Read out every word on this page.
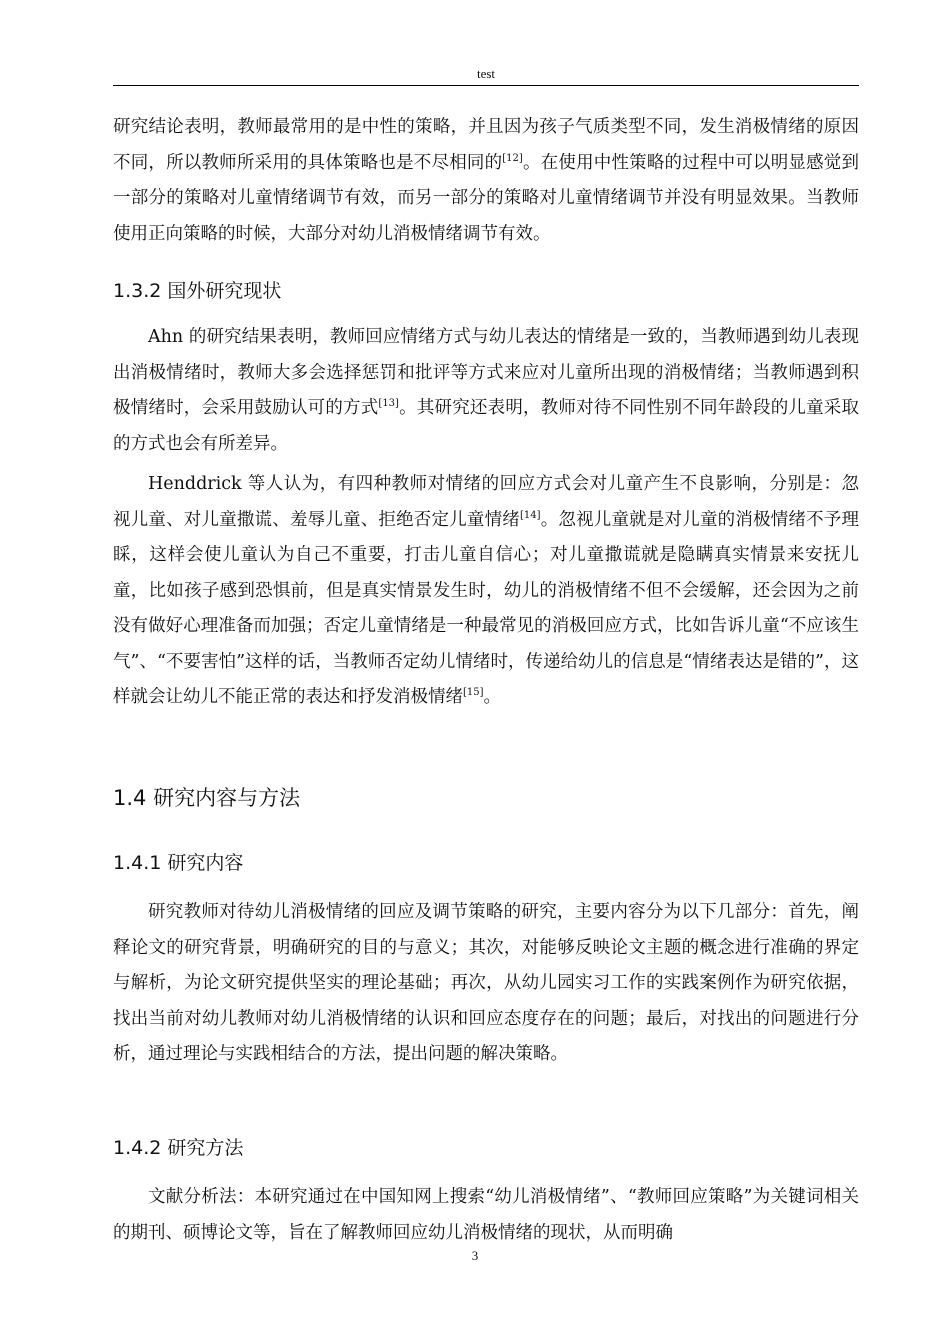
test

研究结论表明，教师最常用的是中性的策略，并且因为孩子气质类型不同，发生消极情绪的原因不同，所以教师所采用的具体策略也是不尽相同的[12]。在使用中性策略的过程中可以明显感觉到一部分的策略对儿童情绪调节有效，而另一部分的策略对儿童情绪调节并没有明显效果。当教师使用正向策略的时候，大部分对幼儿消极情绪调节有效。

1.3.2 国外研究现状

Ahn 的研究结果表明，教师回应情绪方式与幼儿表达的情绪是一致的，当教师遇到幼儿表现出消极情绪时，教师大多会选择惩罚和批评等方式来应对儿童所出现的消极情绪；当教师遇到积极情绪时，会采用鼓励认可的方式[13]。其研究还表明，教师对待不同性别不同年龄段的儿童采取的方式也会有所差异。

Henddrick 等人认为，有四种教师对情绪的回应方式会对儿童产生不良影响，分别是：忽视儿童、对儿童撒谎、羞辱儿童、拒绝否定儿童情绪[14]。忽视儿童就是对儿童的消极情绪不予理睬，这样会使儿童认为自己不重要，打击儿童自信心；对儿童撒谎就是隐瞒真实情景来安抚儿童，比如孩子感到恐惧前，但是真实情景发生时，幼儿的消极情绪不但不会缓解，还会因为之前没有做好心理准备而加强；否定儿童情绪是一种最常见的消极回应方式，比如告诉儿童“不应该生气”、“不要害怕”这样的话，当教师否定幼儿情绪时，传递给幼儿的信息是“情绪表达是错的”，这样就会让幼儿不能正常的表达和抒发消极情绪[15]。

1.4 研究内容与方法
1.4.1 研究内容

研究教师对待幼儿消极情绪的回应及调节策略的研究，主要内容分为以下几部分：首先，阐释论文的研究背景，明确研究的目的与意义；其次，对能够反映论文主题的概念进行准确的界定与解析，为论文研究提供坚实的理论基础；再次，从幼儿园实习工作的实践案例作为研究依据，找出当前对幼儿教师对幼儿消极情绪的认识和回应态度存在的问题；最后，对找出的问题进行分析，通过理论与实践相结合的方法，提出问题的解决策略。

1.4.2 研究方法

文献分析法：本研究通过在中国知网上搜索“幼儿消极情绪”、“教师回应策略”为关键词相关的期刊、硕博论文等，旨在了解教师回应幼儿消极情绪的现状，从而明确

3
